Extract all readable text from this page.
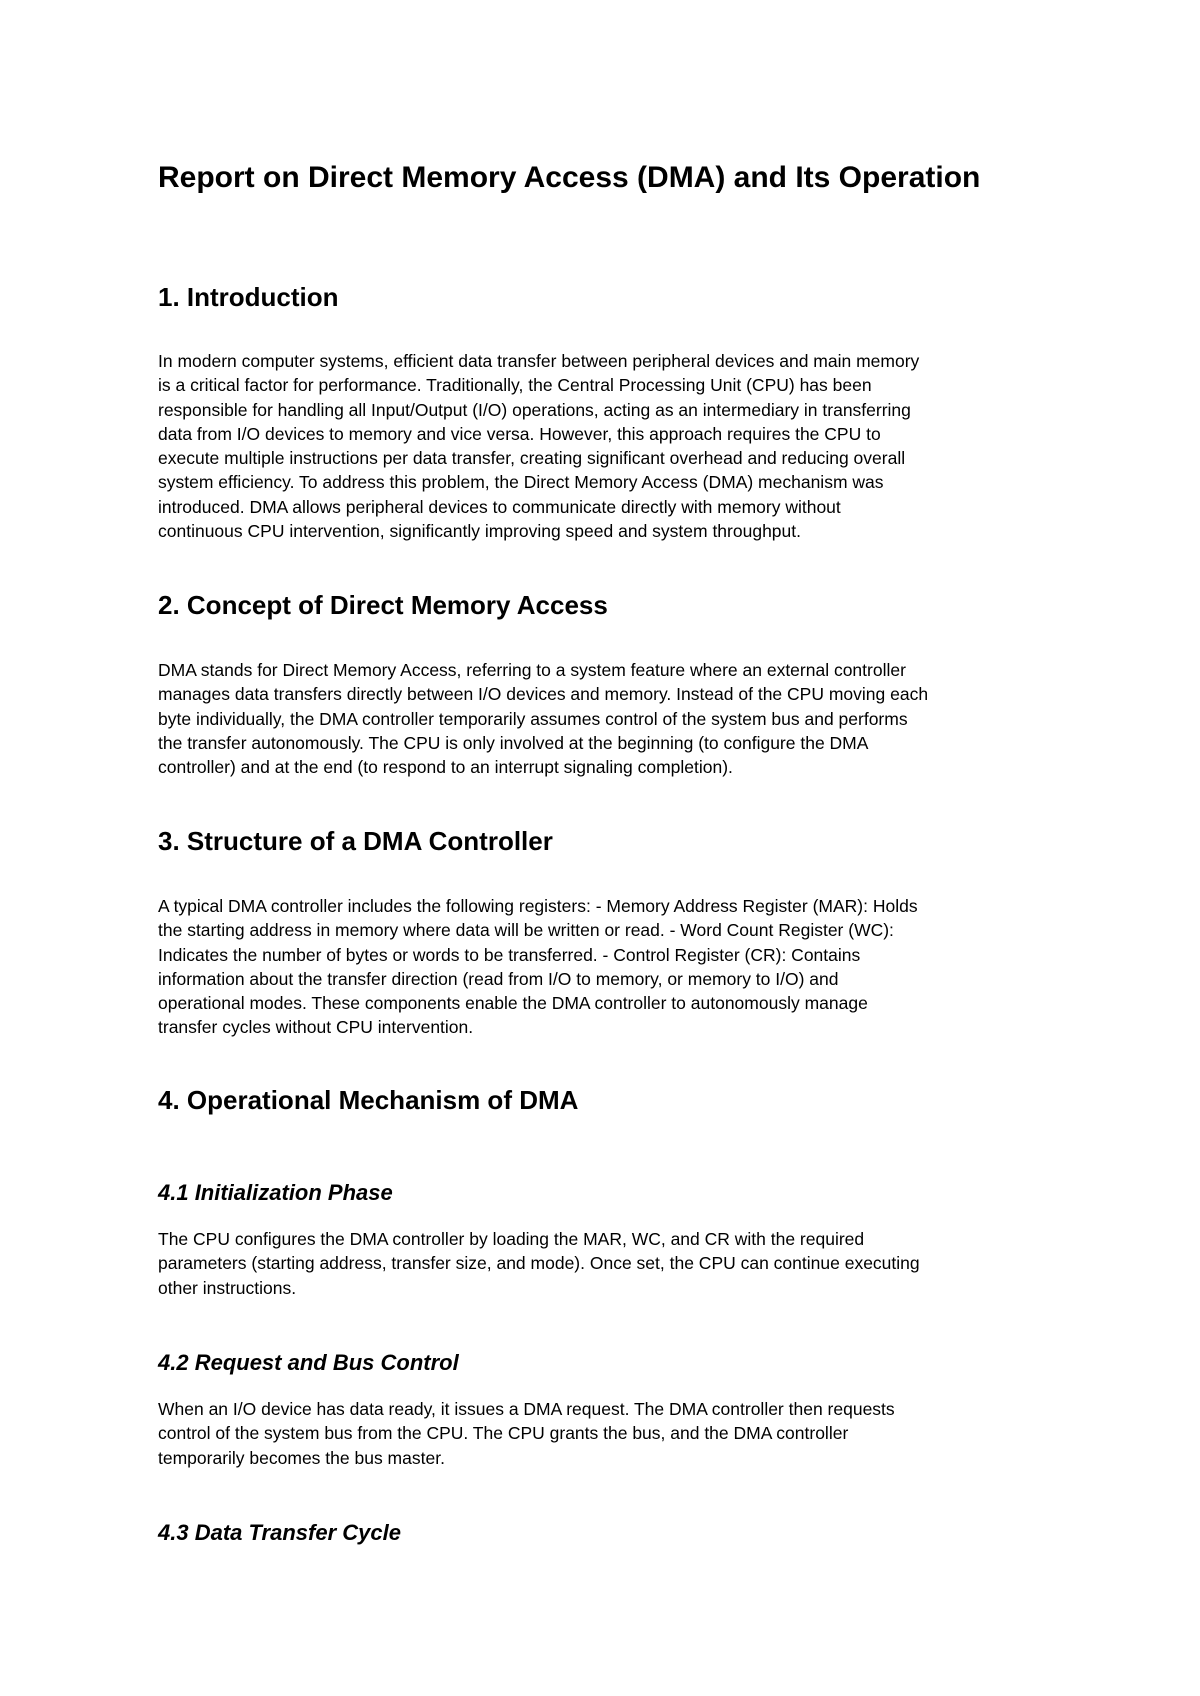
Report on Direct Memory Access (DMA) and Its Operation
1. Introduction
In modern computer systems, efficient data transfer between peripheral devices and main memory
is a critical factor for performance. Traditionally, the Central Processing Unit (CPU) has been
responsible for handling all Input/Output (I/O) operations, acting as an intermediary in transferring
data from I/O devices to memory and vice versa. However, this approach requires the CPU to
execute multiple instructions per data transfer, creating significant overhead and reducing overall
system efficiency. To address this problem, the Direct Memory Access (DMA) mechanism was
introduced. DMA allows peripheral devices to communicate directly with memory without
continuous CPU intervention, significantly improving speed and system throughput.
2. Concept of Direct Memory Access
DMA stands for Direct Memory Access, referring to a system feature where an external controller
manages data transfers directly between I/O devices and memory. Instead of the CPU moving each
byte individually, the DMA controller temporarily assumes control of the system bus and performs
the transfer autonomously. The CPU is only involved at the beginning (to configure the DMA
controller) and at the end (to respond to an interrupt signaling completion).
3. Structure of a DMA Controller
A typical DMA controller includes the following registers: - Memory Address Register (MAR): Holds
the starting address in memory where data will be written or read. - Word Count Register (WC):
Indicates the number of bytes or words to be transferred. - Control Register (CR): Contains
information about the transfer direction (read from I/O to memory, or memory to I/O) and
operational modes. These components enable the DMA controller to autonomously manage
transfer cycles without CPU intervention.
4. Operational Mechanism of DMA
4.1 Initialization Phase
The CPU configures the DMA controller by loading the MAR, WC, and CR with the required
parameters (starting address, transfer size, and mode). Once set, the CPU can continue executing
other instructions.
4.2 Request and Bus Control
When an I/O device has data ready, it issues a DMA request. The DMA controller then requests
control of the system bus from the CPU. The CPU grants the bus, and the DMA controller
temporarily becomes the bus master.
4.3 Data Transfer Cycle
